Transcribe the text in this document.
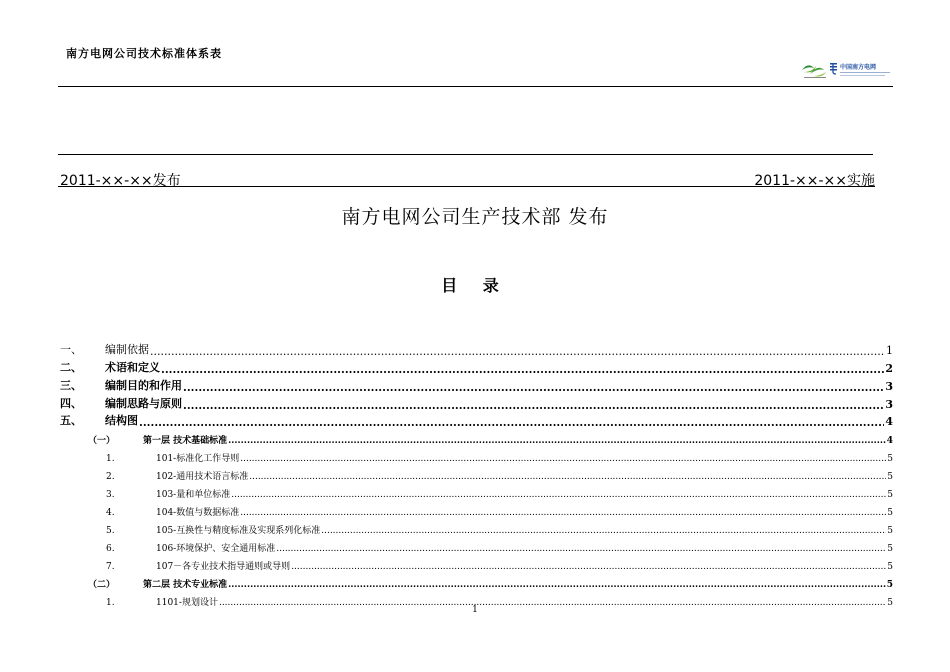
南方电网公司技术标准体系表
中国南方电网
2011-××-××发布	2011-××-××实施
南方电网公司生产技术部 发布
目 录
一、	编制依据 .....	1
二、	术语和定义 .....	2
三、	编制目的和作用 .....	3
四、	编制思路与原则 .....	3
五、	结构图 .....	4
（一）	第一层 技术基础标准 .....	4
1.	101-标准化工作导则 .....	5
2.	102-通用技术语言标准 .....	5
3.	103-量和单位标准 .....	5
4.	104-数值与数据标准 .....	5
5.	105-互换性与精度标准及实现系列化标准 .....	5
6.	106-环境保护、安全通用标准 .....	5
7.	107－各专业技术指导通则或导则 .....	5
（二）	第二层 技术专业标准 .....	5
1.	1101-规划设计 .....	5
1
